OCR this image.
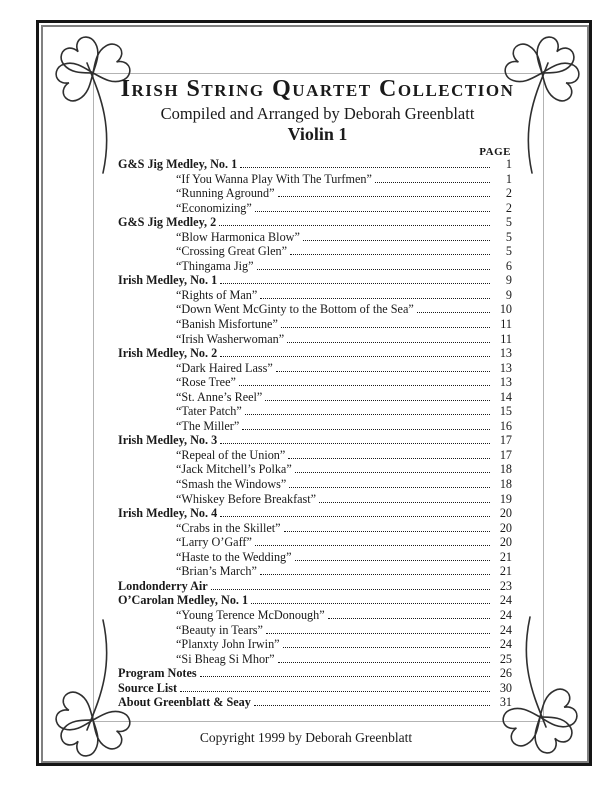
Irish String Quartet Collection
Compiled and Arranged by Deborah Greenblatt
Violin 1
PAGE
G&S Jig Medley, No. 1	1
“If You Wanna Play With The Turfmen”	1
“Running Aground”	2
“Economizing”	2
G&S Jig Medley, 2	5
“Blow Harmonica Blow”	5
“Crossing Great Glen”	5
“Thingama Jig”	6
Irish Medley, No. 1	9
“Rights of Man”	9
“Down Went McGinty to the Bottom of the Sea”	10
“Banish Misfortune”	11
“Irish Washerwoman”	11
Irish Medley, No. 2	13
“Dark Haired Lass”	13
“Rose Tree”	13
“St. Anne’s Reel”	14
“Tater Patch”	15
“The Miller”	16
Irish Medley, No. 3	17
“Repeal of the Union”	17
“Jack Mitchell’s Polka”	18
“Smash the Windows”	18
“Whiskey Before Breakfast”	19
Irish Medley, No. 4	20
“Crabs in the Skillet”	20
“Larry O’Gaff”	20
“Haste to the Wedding”	21
“Brian’s March”	21
Londonderry Air	23
O’Carolan Medley, No. 1	24
“Young Terence McDonough”	24
“Beauty in Tears”	24
“Planxty John Irwin”	24
“Si Bheag Si Mhor”	25
Program Notes	26
Source List	30
About Greenblatt & Seay	31
Copyright 1999 by Deborah Greenblatt
